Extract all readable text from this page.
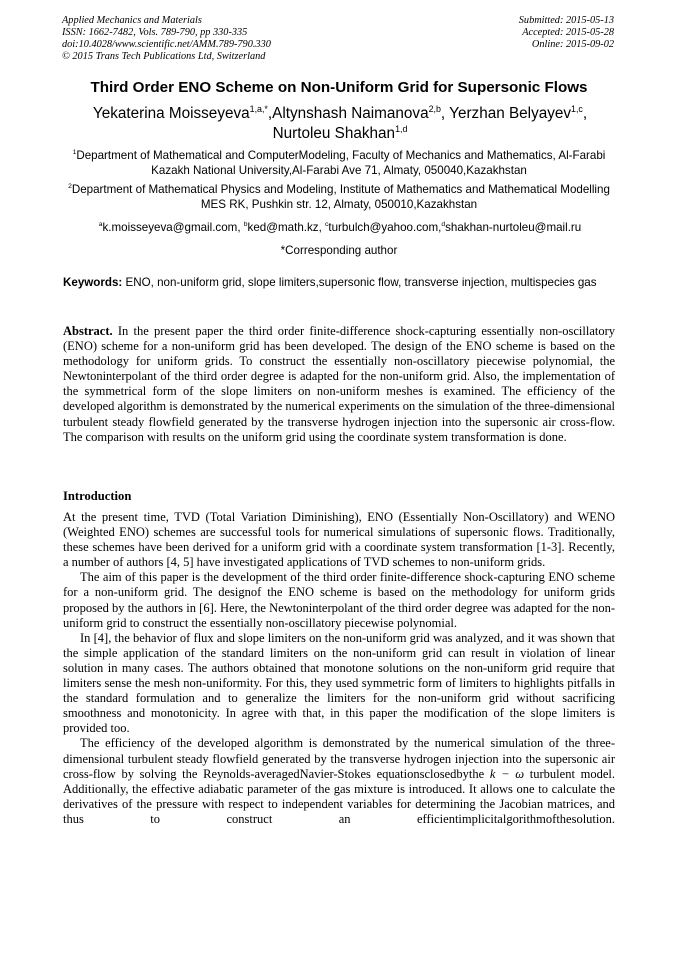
Applied Mechanics and Materials
ISSN: 1662-7482, Vols. 789-790, pp 330-335
doi:10.4028/www.scientific.net/AMM.789-790.330
© 2015 Trans Tech Publications Ltd, Switzerland
Submitted: 2015-05-13
Accepted: 2015-05-28
Online: 2015-09-02
Third Order ENO Scheme on Non-Uniform Grid for Supersonic Flows
Yekaterina Moisseyeva$^{1,a,*}$,Altynshash Naimanova$^{2,b}$, Yerzhan Belyayev$^{1,c}$,
Nurtoleu Shakhan$^{1,d}$
$^1$Department of Mathematical and ComputerModeling, Faculty of Mechanics and Mathematics, Al-Farabi Kazakh National University,Al-Farabi Ave 71, Almaty, 050040,Kazakhstan
$^2$Department of Mathematical Physics and Modeling, Institute of Mathematics and Mathematical Modelling MES RK, Pushkin str. 12, Almaty, 050010,Kazakhstan
$^a$k.moisseyeva@gmail.com, $^b$ked@math.kz, $^c$turbulch@yahoo.com,$^d$shakhan-nurtoleu@mail.ru
*Corresponding author
Keywords: ENO, non-uniform grid, slope limiters,supersonic flow, transverse injection, multispecies gas
Abstract. In the present paper the third order finite-difference shock-capturing essentially non-oscillatory (ENO) scheme for a non-uniform grid has been developed. The design of the ENO scheme is based on the methodology for uniform grids. To construct the essentially non-oscillatory piecewise polynomial, the Newtoninterpolant of the third order degree is adapted for the non-uniform grid. Also, the implementation of the symmetrical form of the slope limiters on non-uniform meshes is examined. The efficiency of the developed algorithm is demonstrated by the numerical experiments on the simulation of the three-dimensional turbulent steady flowfield generated by the transverse hydrogen injection into the supersonic air cross-flow. The comparison with results on the uniform grid using the coordinate system transformation is done.
Introduction

At the present time, TVD (Total Variation Diminishing), ENO (Essentially Non-Oscillatory) and WENO (Weighted ENO) schemes are successful tools for numerical simulations of supersonic flows. Traditionally, these schemes have been derived for a uniform grid with a coordinate system transformation [1-3]. Recently, a number of authors [4, 5] have investigated applications of TVD schemes to non-uniform grids.

The aim of this paper is the development of the third order finite-difference shock-capturing ENO scheme for a non-uniform grid. The designof the ENO scheme is based on the methodology for uniform grids proposed by the authors in [6]. Here, the Newtoninterpolant of the third order degree was adapted for the non-uniform grid to construct the essentially non-oscillatory piecewise polynomial.

In [4], the behavior of flux and slope limiters on the non-uniform grid was analyzed, and it was shown that the simple application of the standard limiters on the non-uniform grid can result in violation of linear solution in many cases. The authors obtained that monotone solutions on the non-uniform grid require that limiters sense the mesh non-uniformity. For this, they used symmetric form of limiters to highlights pitfalls in the standard formulation and to generalize the limiters for the non-uniform grid without sacrificing smoothness and monotonicity. In agree with that, in this paper the modification of the slope limiters is provided too.

The efficiency of the developed algorithm is demonstrated by the numerical simulation of the three-dimensional turbulent steady flowfield generated by the transverse hydrogen injection into the supersonic air cross-flow by solving the Reynolds-averagedNavier-Stokes equationsclosedbythe k − ω turbulent model. Additionally, the effective adiabatic parameter of the gas mixture is introduced. It allows one to calculate the derivatives of the pressure with respect to independent variables for determining the Jacobian matrices, and thus to construct an efficientimplicitalgorithmofthesolution.
